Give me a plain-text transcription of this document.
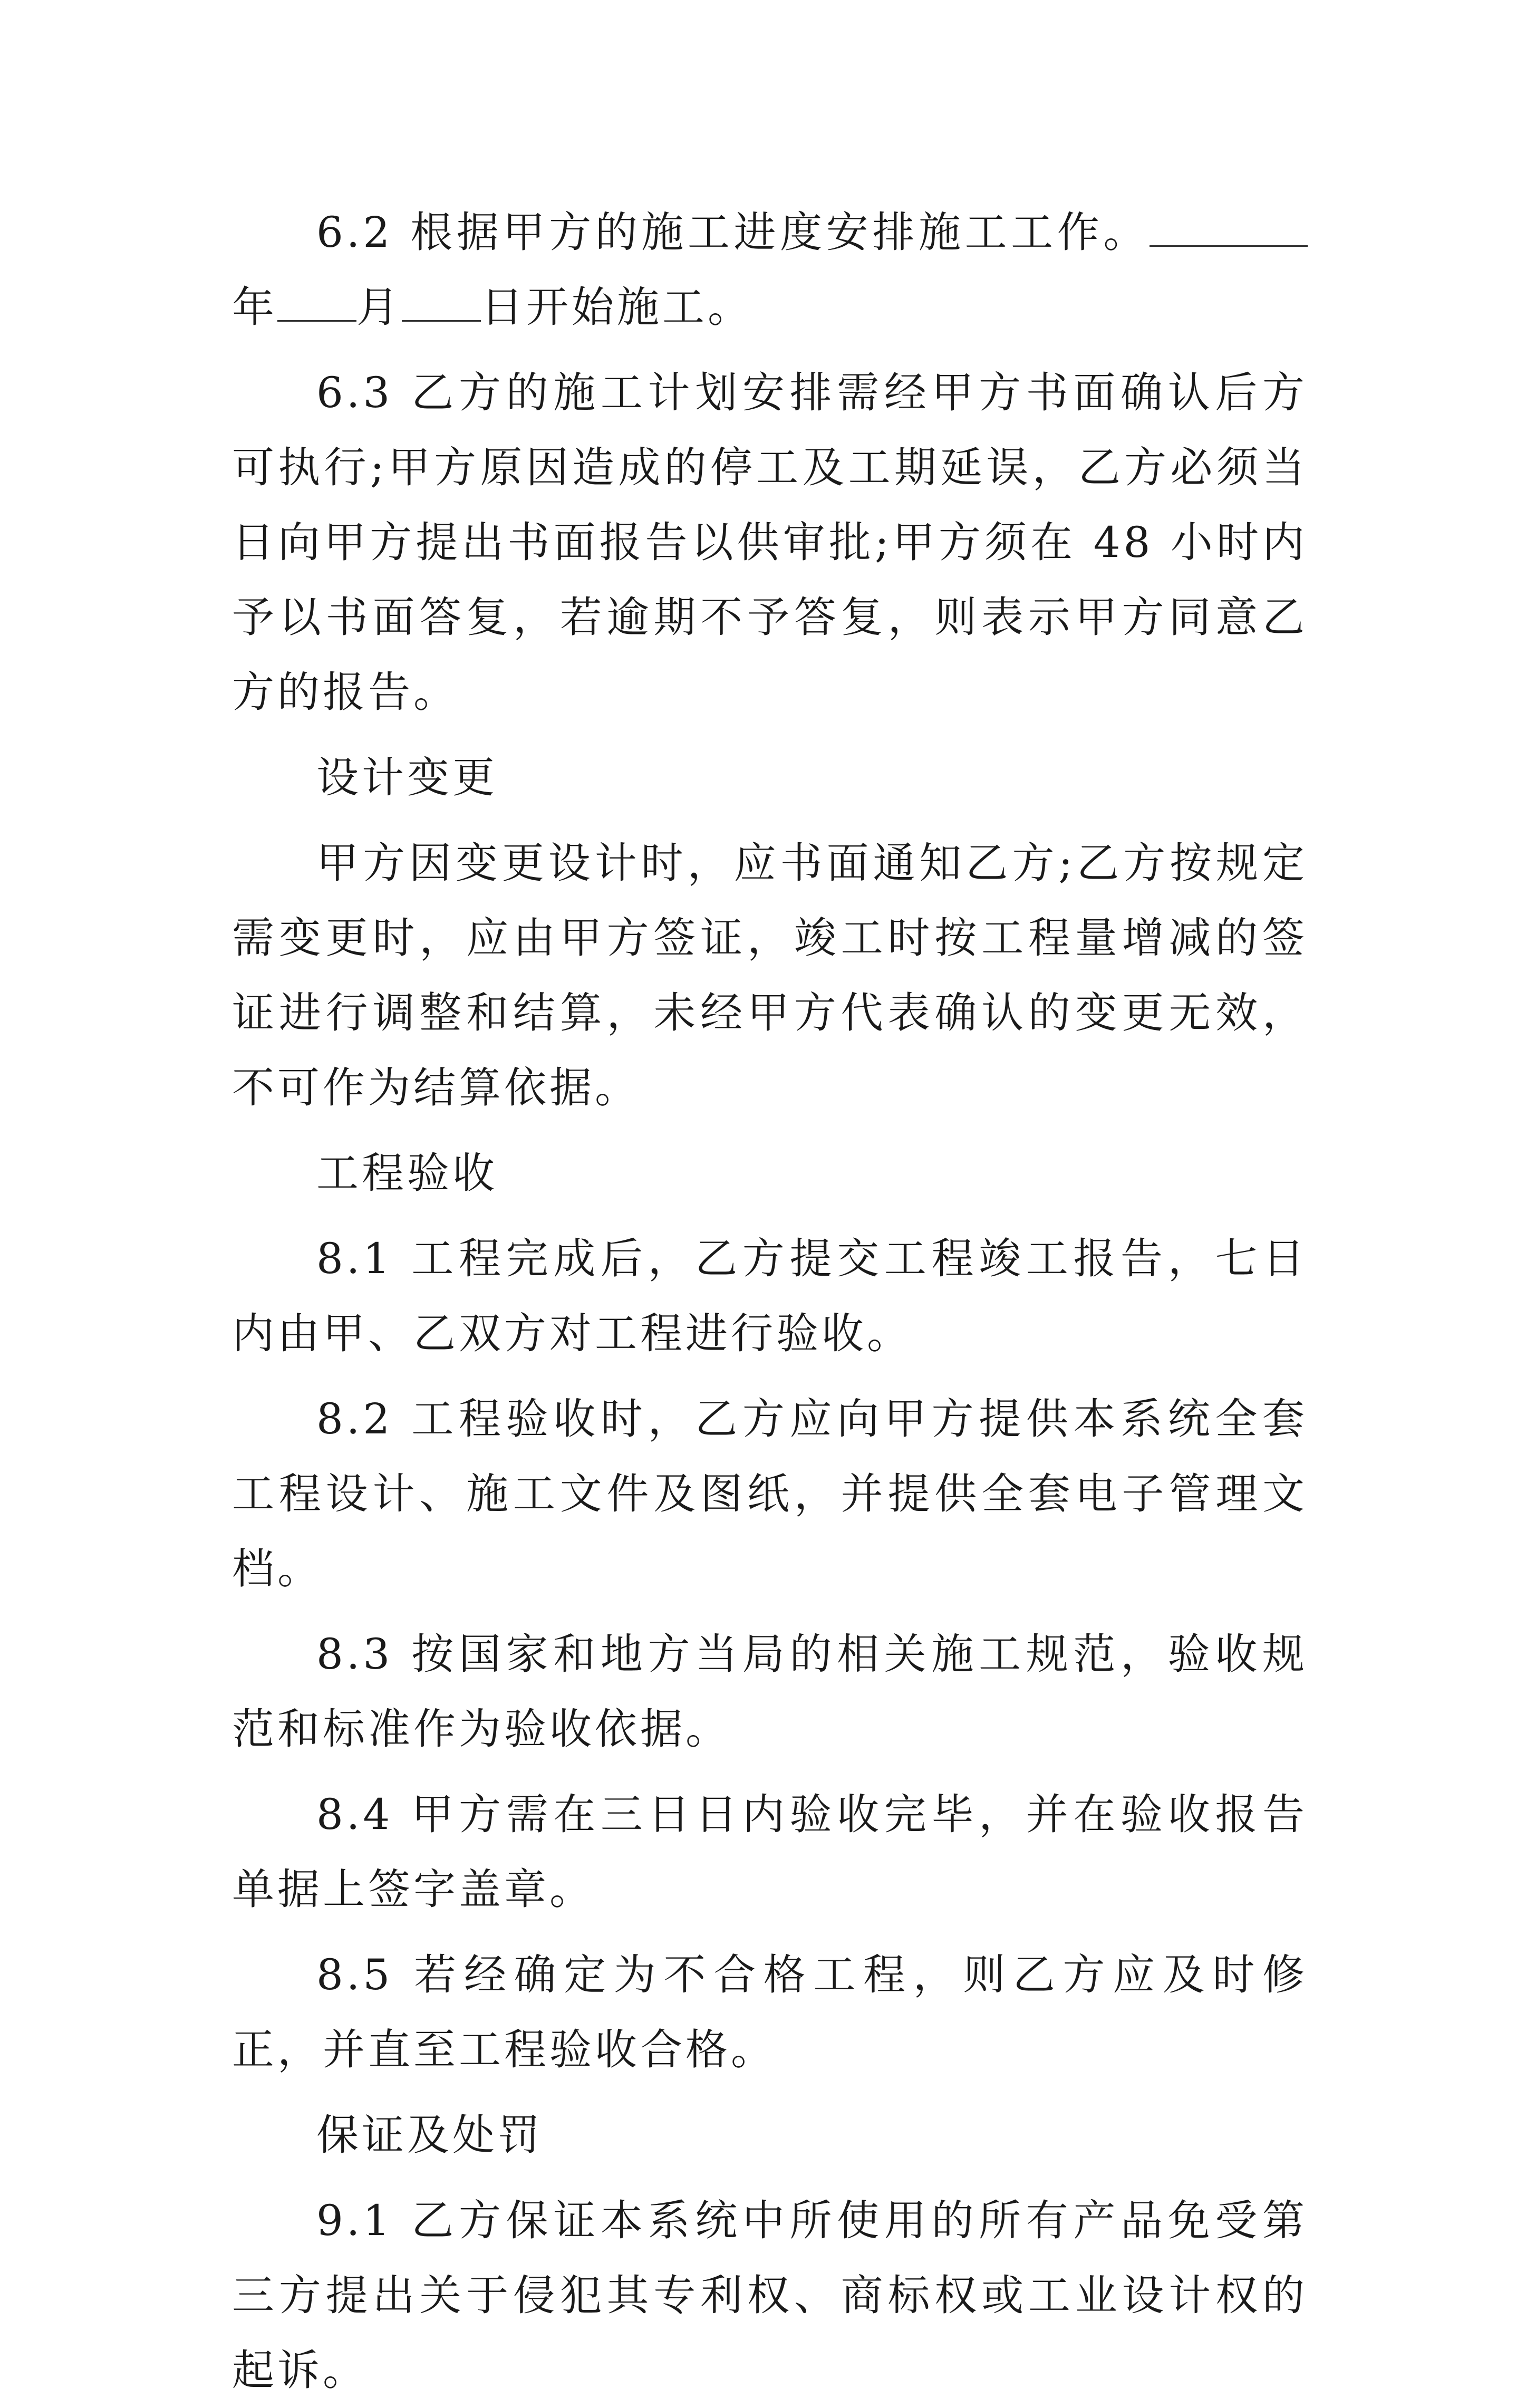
6.2 根据甲方的施工进度安排施工工作。年 月 日开始施工。

6.3 乙方的施工计划安排需经甲方书面确认后方可执行;甲方原因造成的停工及工期延误，乙方必须当日向甲方提出书面报告以供审批;甲方须在 48 小时内予以书面答复，若逾期不予答复，则表示甲方同意乙方的报告。

设计变更

甲方因变更设计时，应书面通知乙方;乙方按规定需变更时，应由甲方签证，竣工时按工程量增减的签证进行调整和结算，未经甲方代表确认的变更无效，不可作为结算依据。

工程验收

8.1 工程完成后，乙方提交工程竣工报告，七日内由甲、乙双方对工程进行验收。

8.2 工程验收时，乙方应向甲方提供本系统全套工程设计、施工文件及图纸，并提供全套电子管理文档。

8.3 按国家和地方当局的相关施工规范，验收规范和标准作为验收依据。

8.4 甲方需在三日日内验收完毕，并在验收报告单据上签字盖章。

8.5 若经确定为不合格工程，则乙方应及时修正，并直至工程验收合格。

保证及处罚

9.1 乙方保证本系统中所使用的所有产品免受第三方提出关于侵犯其专利权、商标权或工业设计权的起诉。
